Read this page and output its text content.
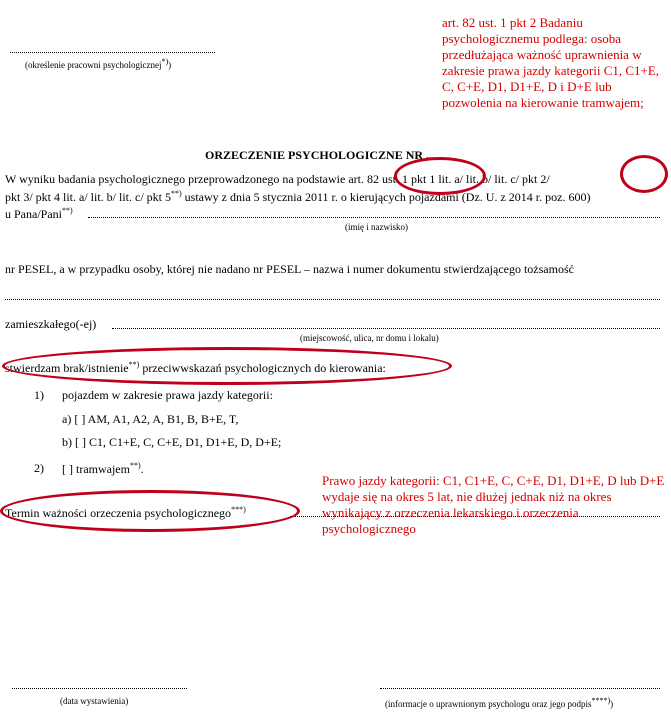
(określenie pracowni psychologicznej*))
art. 82 ust. 1 pkt 2 Badaniu psychologicznemu podlega: osoba przedłużająca ważność uprawnienia w zakresie prawa jazdy kategorii C1, C1+E, C, C+E, D1, D1+E, D i D+E lub pozwolenia na kierowanie tramwajem;
ORZECZENIE PSYCHOLOGICZNE NR ...
W wyniku badania psychologicznego przeprowadzonego na podstawie art. 82 ust. 1 pkt 1 lit. a/ lit. b/ lit. c/ pkt 2/
pkt 3/ pkt 4 lit. a/ lit. b/ lit. c/ pkt 5**) ustawy z dnia 5 stycznia 2011 r. o kierujących pojazdami (Dz. U. z 2014 r. poz. 600)
u Pana/Pani**)
(imię i nazwisko)
nr PESEL, a w przypadku osoby, której nie nadano nr PESEL – nazwa i numer dokumentu stwierdzającego tożsamość
zamieszkałego(-ej)
(miejscowość, ulica, nr domu i lokalu)
stwierdzam brak/istnienie**) przeciwwskazań psychologicznych do kierowania:
1) pojazdem w zakresie prawa jazdy kategorii:
a) [ ] AM, A1, A2, A, B1, B, B+E, T,
b) [ ] C1, C1+E, C, C+E, D1, D1+E, D, D+E;
2) [ ] tramwajem**).
Termin ważności orzeczenia psychologicznego***)
Prawo jazdy kategorii: C1, C1+E, C, C+E, D1, D1+E, D lub D+E wydaje się na okres 5 lat, nie dłużej jednak niż na okres wynikający z orzeczenia lekarskiego i orzeczenia psychologicznego
(data wystawienia)	(informacje o uprawnionym psychologu oraz jego podpis****))
